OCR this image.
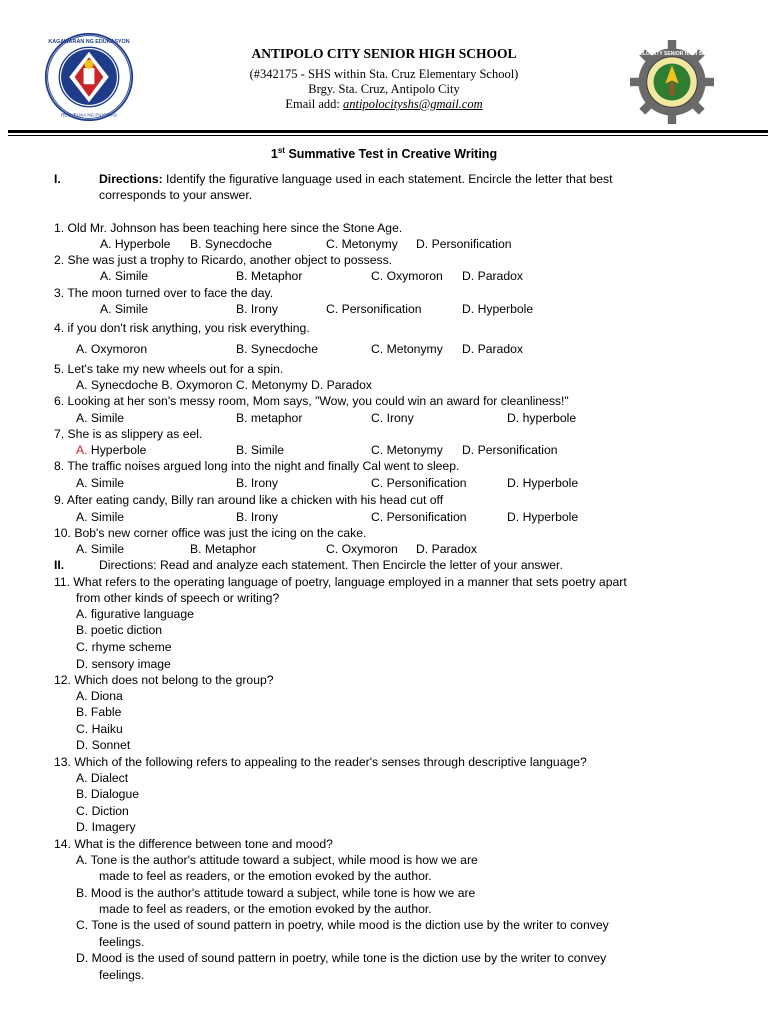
KAGAWARAN NG EDUKASYON
REPUBLIKA NG PILIPINAS
ANTIPOLO CITY SENIOR HIGH SCHOOL
ANTIPOLO CITY SENIOR HIGH SCHOOL
(#342175 - SHS within Sta. Cruz Elementary School)
Brgy. Sta. Cruz, Antipolo City
Email add: antipolocityshs@gmail.com
1st Summative Test in Creative Writing
I.	Directions: Identify the figurative language used in each statement. Encircle the letter that best
corresponds to your answer.
1. Old Mr. Johnson has been teaching here since the Stone Age.
A. Hyperbole B. Synecdoche	C. Metonymy D. Personification
2. She was just a trophy to Ricardo, another object to possess.
A. Simile	B. Metaphor	C. Oxymoron D. Paradox
3. The moon turned over to face the day.
A. Simile	B. Irony	C. Personification	D. Hyperbole
4. if you don't risk anything, you risk everything.
A. Oxymoron	B. Synecdoche	C. Metonymy D. Paradox
5. Let's take my new wheels out for a spin.
A. Synecdoche B. Oxymoron C. Metonymy D. Paradox
6. Looking at her son's messy room, Mom says, "Wow, you could win an award for cleanliness!"
A. Simile	B. metaphor	C. Irony	D. hyperbole
7. She is as slippery as eel.
A. Hyperbole	B. Simile	C. Metonymy D. Personification
8. The traffic noises argued long into the night and finally Cal went to sleep.
A. Simile	B. Irony	C. Personification	D. Hyperbole
9. After eating candy, Billy ran around like a chicken with his head cut off
A. Simile	B. Irony	C. Personification	D. Hyperbole
10. Bob's new corner office was just the icing on the cake.
A. Simile	B. Metaphor	C. Oxymoron D. Paradox
II.	Directions: Read and analyze each statement. Then Encircle the letter of your answer.
11. What refers to the operating language of poetry, language employed in a manner that sets poetry apart
from other kinds of speech or writing?
A. figurative language
B. poetic diction
C. rhyme scheme
D. sensory image
12. Which does not belong to the group?
A. Diona
B. Fable
C. Haiku
D. Sonnet
13. Which of the following refers to appealing to the reader's senses through descriptive language?
A. Dialect
B. Dialogue
C. Diction
D. Imagery
14. What is the difference between tone and mood?
A. Tone is the author's attitude toward a subject, while mood is how we are
made to feel as readers, or the emotion evoked by the author.
B. Mood is the author's attitude toward a subject, while tone is how we are
made to feel as readers, or the emotion evoked by the author.
C. Tone is the used of sound pattern in poetry, while mood is the diction use by the writer to convey
feelings.
D. Mood is the used of sound pattern in poetry, while tone is the diction use by the writer to convey
feelings.
